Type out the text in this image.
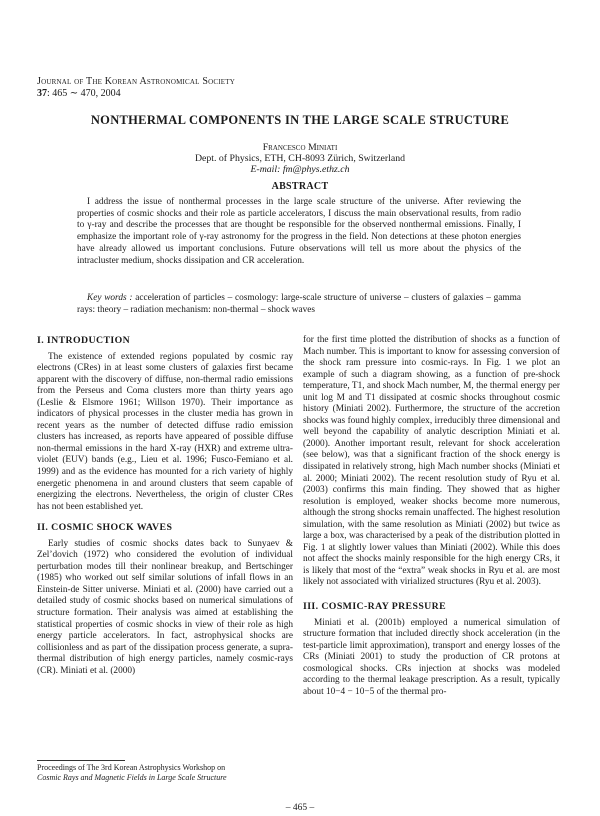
Journal of The Korean Astronomical Society
37: 465 ∼ 470, 2004
NONTHERMAL COMPONENTS IN THE LARGE SCALE STRUCTURE
Francesco Miniati
Dept. of Physics, ETH, CH-8093 Zürich, Switzerland
E-mail: fm@phys.ethz.ch
ABSTRACT

I address the issue of nonthermal processes in the large scale structure of the universe. After reviewing the properties of cosmic shocks and their role as particle accelerators, I discuss the main observational results, from radio to γ-ray and describe the processes that are thought be responsible for the observed nonthermal emissions. Finally, I emphasize the important role of γ-ray astronomy for the progress in the field. Non detections at these photon energies have already allowed us important conclusions. Future observations will tell us more about the physics of the intracluster medium, shocks dissipation and CR acceleration.

Key words : acceleration of particles – cosmology: large-scale structure of universe – clusters of galaxies – gamma rays: theory – radiation mechanism: non-thermal – shock waves

I. INTRODUCTION

The existence of extended regions populated by cosmic ray electrons (CRes) in at least some clusters of galaxies first became apparent with the discovery of diffuse, non-thermal radio emissions from the Perseus and Coma clusters more than thirty years ago (Leslie & Elsmore 1961; Willson 1970). Their importance as indicators of physical processes in the cluster media has grown in recent years as the number of detected diffuse radio emission clusters has increased, as reports have appeared of possible diffuse non-thermal emissions in the hard X-ray (HXR) and extreme ultra-violet (EUV) bands (e.g., Lieu et al. 1996; Fusco-Femiano et al. 1999) and as the evidence has mounted for a rich variety of highly energetic phenomena in and around clusters that seem capable of energizing the electrons. Nevertheless, the origin of cluster CRes has not been established yet.

II. COSMIC SHOCK WAVES

Early studies of cosmic shocks dates back to Sunyaev & Zel’dovich (1972) who considered the evolution of individual perturbation modes till their nonlinear breakup, and Bertschinger (1985) who worked out self similar solutions of infall flows in an Einstein-de Sitter universe. Miniati et al. (2000) have carried out a detailed study of cosmic shocks based on numerical simulations of structure formation. Their analysis was aimed at establishing the statistical properties of cosmic shocks in view of their role as high energy particle accelerators. In fact, astrophysical shocks are collisionless and as part of the dissipation process generate, a supra-thermal distribution of high energy particles, namely cosmic-rays (CR). Miniati et al. (2000)

for the first time plotted the distribution of shocks as a function of Mach number. This is important to know for assessing conversion of the shock ram pressure into cosmic-rays. In Fig. 1 we plot an example of such a diagram showing, as a function of pre-shock temperature, T1, and shock Mach number, M, the thermal energy per unit log M and T1 dissipated at cosmic shocks throughout cosmic history (Miniati 2002). Furthermore, the structure of the accretion shocks was found highly complex, irreducibly three dimensional and well beyond the capability of analytic description Miniati et al. (2000). Another important result, relevant for shock acceleration (see below), was that a significant fraction of the shock energy is dissipated in relatively strong, high Mach number shocks (Miniati et al. 2000; Miniati 2002). The recent resolution study of Ryu et al. (2003) confirms this main finding. They showed that as higher resolution is employed, weaker shocks become more numerous, although the strong shocks remain unaffected. The highest resolution simulation, with the same resolution as Miniati (2002) but twice as large a box, was characterised by a peak of the distribution plotted in Fig. 1 at slightly lower values than Miniati (2002). While this does not affect the shocks mainly responsible for the high energy CRs, it is likely that most of the “extra” weak shocks in Ryu et al. are most likely not associated with virialized structures (Ryu et al. 2003).

III. COSMIC-RAY PRESSURE

Miniati et al. (2001b) employed a numerical simulation of structure formation that included directly shock acceleration (in the test-particle limit approximation), transport and energy losses of the CRs (Miniati 2001) to study the production of CR protons at cosmological shocks. CRs injection at shocks was modeled according to the thermal leakage prescription. As a result, typically about 10−4 − 10−5 of the thermal pro-

Proceedings of The 3rd Korean Astrophysics Workshop on
Cosmic Rays and Magnetic Fields in Large Scale Structure
– 465 –
